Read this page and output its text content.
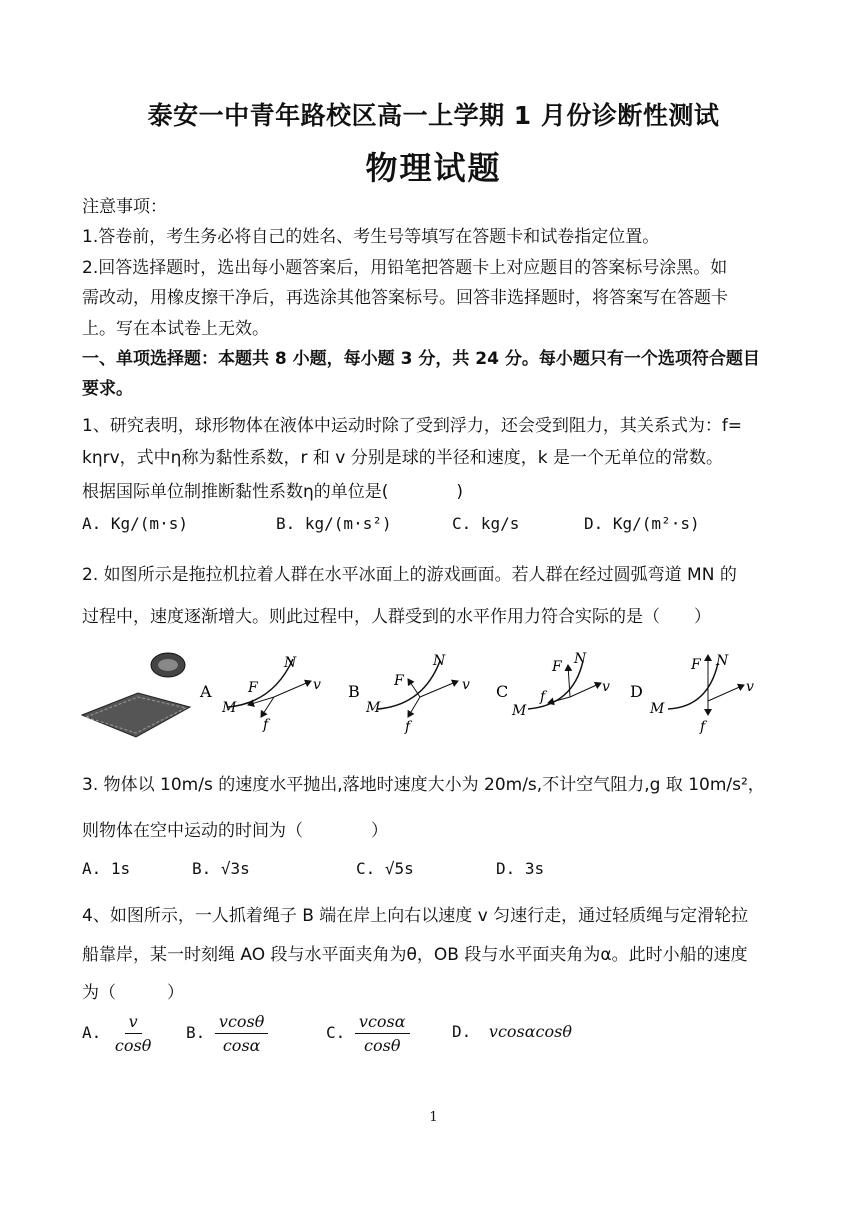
泰安一中青年路校区高一上学期 1 月份诊断性测试
物理试题
注意事项：
1.答卷前，考生务必将自己的姓名、考生号等填写在答题卡和试卷指定位置。
2.回答选择题时，选出每小题答案后，用铅笔把答题卡上对应题目的答案标号涂黑。如
需改动，用橡皮擦干净后，再选涂其他答案标号。回答非选择题时，将答案写在答题卡
上。写在本试卷上无效。
一、单项选择题：本题共 8 小题，每小题 3 分，共 24 分。每小题只有一个选项符合题目
要求。
1、研究表明，球形物体在液体中运动时除了受到浮力，还会受到阻力，其关系式为：f=
kηrv，式中η称为黏性系数，r 和 v 分别是球的半径和速度，k 是一个无单位的常数。
根据国际单位制推断黏性系数η的单位是(　　　　)
A. Kg/(m·s)	B. kg/(m·s²)	C. kg/s	D. Kg/(m²·s)
2. 如图所示是拖拉机拉着人群在水平冰面上的游戏画面。若人群在经过圆弧弯道 MN 的
过程中，速度逐渐增大。则此过程中，人群受到的水平作用力符合实际的是（　　）
A
N
M
F	v
f
B
N
M
F	v
f
C
N
M
F
v
f	D
N
M
F
v
f
3. 物体以 10m/s 的速度水平抛出,落地时速度大小为 20m/s,不计空气阻力,g 取 10m/s²，
则物体在空中运动的时间为（　　　　）
A. 1s	B. √3s	C. √5s	D. 3s
4、如图所示，一人抓着绳子 B 端在岸上向右以速度 v 匀速行走，通过轻质绳与定滑轮拉
船靠岸，某一时刻绳 AO 段与水平面夹角为θ，OB 段与水平面夹角为α。此时小船的速度
为（　　　）
A. $\frac{v}{\cos\theta} B$. $\frac{vcos\theta}{\cos\alpha}$	C. $\frac{vcos\alpha}{\cos\theta}$	D. vcosαcosθ
1
